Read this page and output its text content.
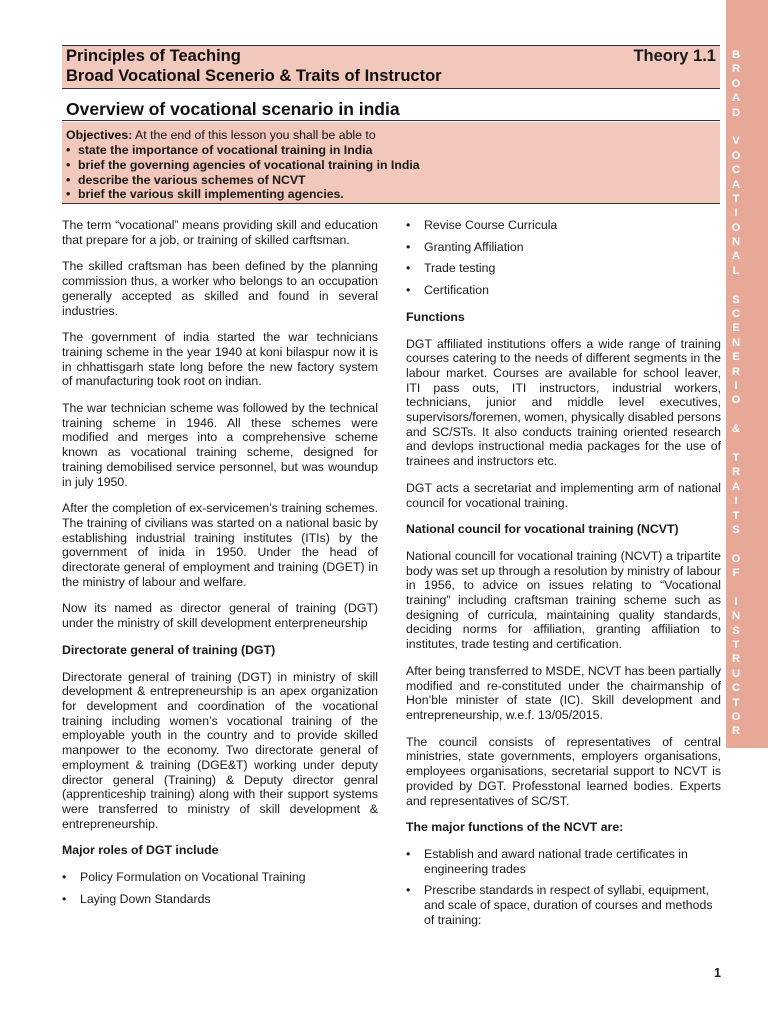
B
R
O
A
D
V
O
C
A
T
I
O
N
A
L
S
C
E
N
E
R
I
O
&
T
R
A
I
T
S
O
F
I
N
S
T
R
U
C
T
O
R
Principles of Teaching
Broad Vocational Scenerio & Traits of Instructor
Theory 1.1
Overview of vocational scenario in india
Objectives: At the end of this lesson you shall be able to
• state the importance of vocational training in India
• brief the governing agencies of vocational training in India
• describe the various schemes of NCVT
• brief the various skill implementing agencies.

The term “vocational” means providing skill and education that prepare for a job, or training of skilled carftsman.

The skilled craftsman has been defined by the planning commission thus, a worker who belongs to an occupation generally accepted as skilled and found in several industries.

The government of india started the war technicians training scheme in the year 1940 at koni bilaspur now it is in chhattisgarh state long before the new factory system of manufacturing took root on indian.

The war technician scheme was followed by the technical training scheme in 1946. All these schemes were modified and merges into a comprehensive scheme known as vocational training scheme, designed for training demobilised service personnel, but was woundup in july 1950.

After the completion of ex-servicemen’s training schemes. The training of civilians was started on a national basic by establishing industrial training institutes (ITIs) by the government of inida in 1950. Under the head of directorate general of employment and training (DGET) in the ministry of labour and welfare.

Now its named as director general of training (DGT) under the ministry of skill development enterpreneurship

Directorate general of training (DGT)

Directorate general of training (DGT) in ministry of skill development & entrepreneurship is an apex organization for development and coordination of the vocational training including women’s vocational training of the employable youth in the country and to provide skilled manpower to the economy. Two directorate general of employment & training (DGE&T) working under deputy director general (Training) & Deputy director genral (apprenticeship training) along with their support systems were transferred to ministry of skill development & entrepreneurship.

Major roles of DGT include
• Policy Formulation on Vocational Training
• Laying Down Standards
• Revise Course Curricula
• Granting Affiliation
• Trade testing
• Certification
Functions

DGT affiliated institutions offers a wide range of training courses catering to the needs of different segments in the labour market. Courses are available for school leaver, ITI pass outs, ITI instructors, industrial workers, technicians, junior and middle level executives, supervisors/foremen, women, physically disabled persons and SC/STs. It also conducts training oriented research and devlops instructional media packages for the use of trainees and instructors etc.

DGT acts a secretariat and implementing arm of national council for vocational training.

National council for vocational training (NCVT)

National councill for vocational training (NCVT) a tripartite body was set up through a resolution by ministry of labour in 1956, to advice on issues relating to “Vocational training” including craftsman training scheme such as designing of curricula, maintaining quality standards, deciding norms for affiliation, granting affiliation to institutes, trade testing and certification.

After being transferred to MSDE, NCVT has been partially modified and re-constituted under the chairmanship of Hon’ble minister of state (IC). Skill development and entrepreneurship, w.e.f. 13/05/2015.

The council consists of representatives of central ministries, state governments, employers organisations, employees organisations, secretarial support to NCVT is provided by DGT. Professtonal learned bodies. Experts and representatives of SC/ST.

The major functions of the NCVT are:
• Establish and award national trade certificates in engineering trades
• Prescribe standards in respect of syllabi, equipment, and scale of space, duration of courses and methods of training:
1
